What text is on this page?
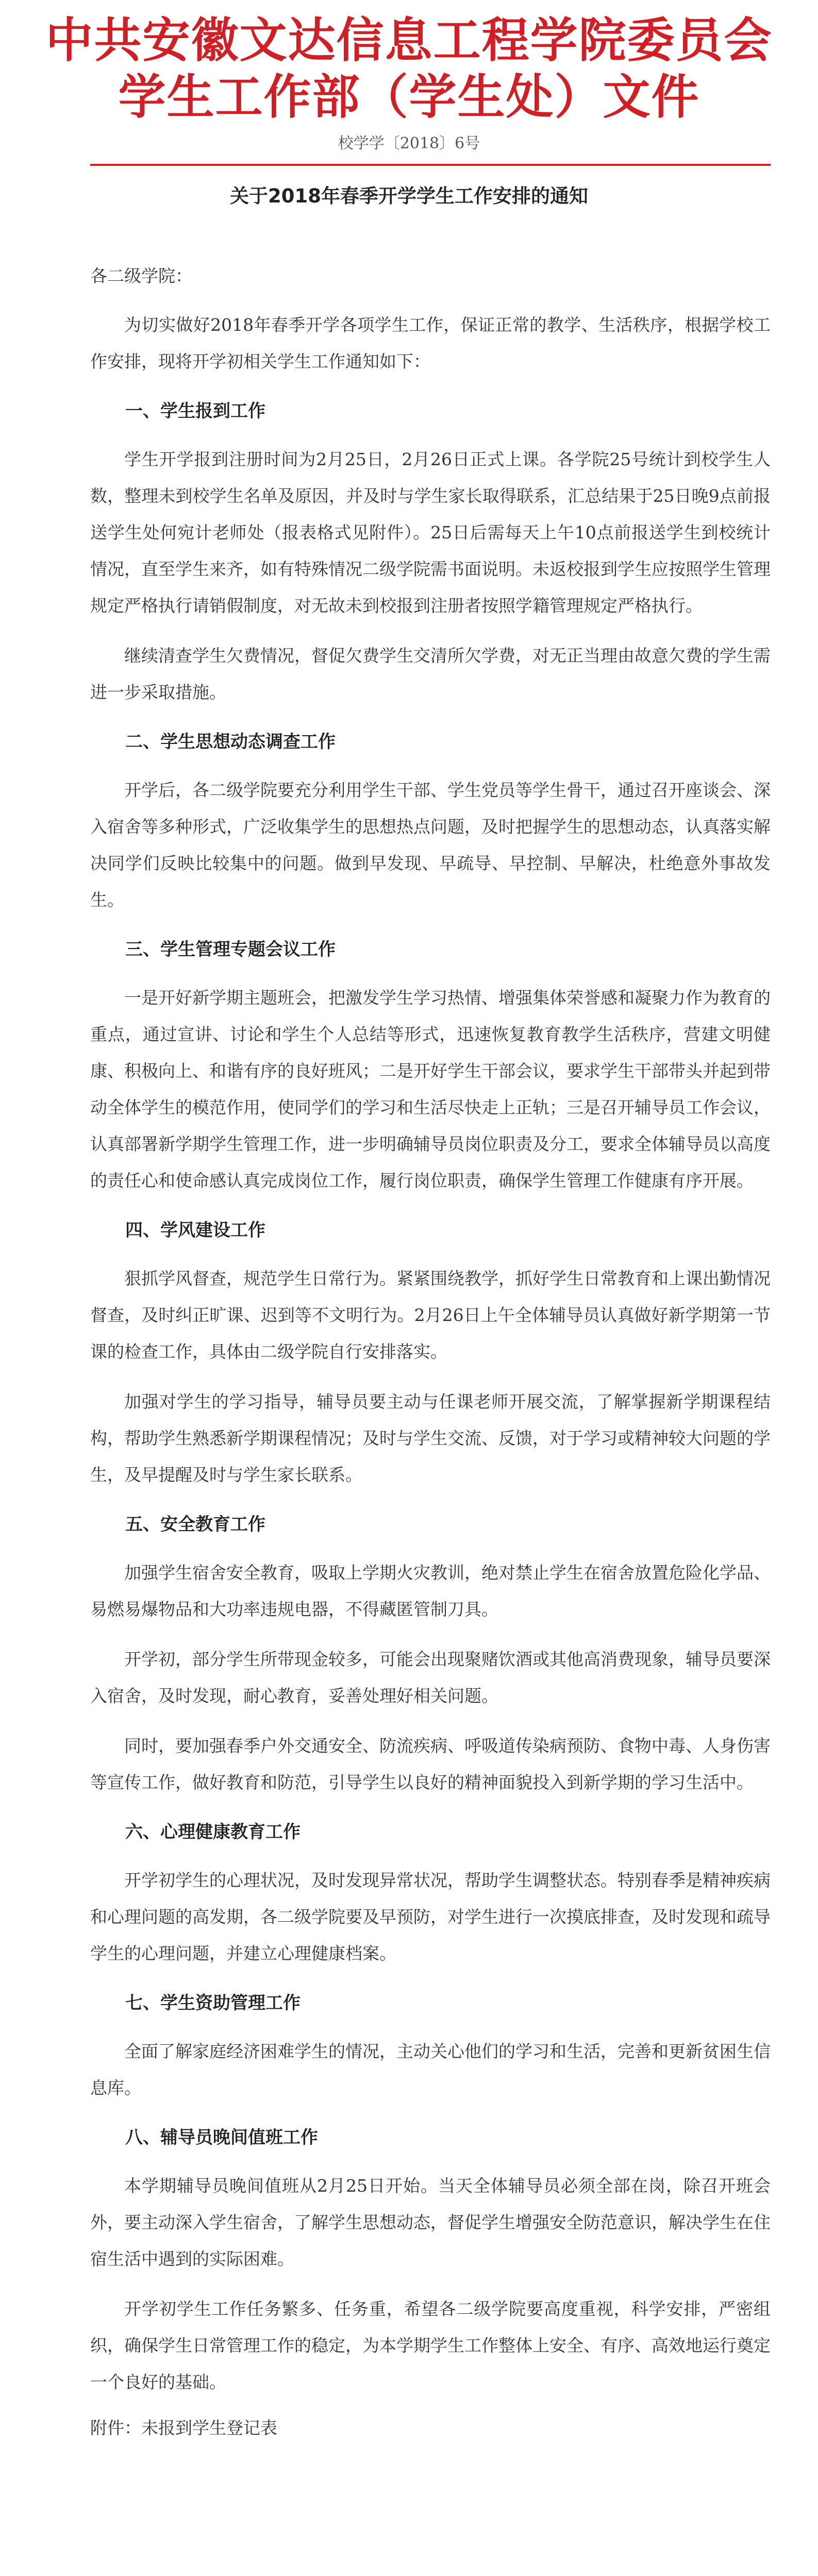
中共安徽文达信息工程学院委员会
学生工作部（学生处）文件
校学学〔2018〕6号
关于2018年春季开学学生工作安排的通知

各二级学院：

为切实做好2018年春季开学各项学生工作，保证正常的教学、生活秩序，根据学校工作安排，现将开学初相关学生工作通知如下：

一、学生报到工作

学生开学报到注册时间为2月25日，2月26日正式上课。各学院25号统计到校学生人数，整理未到校学生名单及原因，并及时与学生家长取得联系，汇总结果于25日晚9点前报送学生处何宛计老师处（报表格式见附件）。25日后需每天上午10点前报送学生到校统计情况，直至学生来齐，如有特殊情况二级学院需书面说明。未返校报到学生应按照学生管理规定严格执行请销假制度，对无故未到校报到注册者按照学籍管理规定严格执行。

继续清查学生欠费情况，督促欠费学生交清所欠学费，对无正当理由故意欠费的学生需进一步采取措施。

二、学生思想动态调查工作

开学后，各二级学院要充分利用学生干部、学生党员等学生骨干，通过召开座谈会、深入宿舍等多种形式，广泛收集学生的思想热点问题，及时把握学生的思想动态，认真落实解决同学们反映比较集中的问题。做到早发现、早疏导、早控制、早解决，杜绝意外事故发生。

三、学生管理专题会议工作

一是开好新学期主题班会，把激发学生学习热情、增强集体荣誉感和凝聚力作为教育的重点，通过宣讲、讨论和学生个人总结等形式，迅速恢复教育教学生活秩序，营建文明健康、积极向上、和谐有序的良好班风；二是开好学生干部会议，要求学生干部带头并起到带动全体学生的模范作用，使同学们的学习和生活尽快走上正轨；三是召开辅导员工作会议，认真部署新学期学生管理工作，进一步明确辅导员岗位职责及分工，要求全体辅导员以高度的责任心和使命感认真完成岗位工作，履行岗位职责，确保学生管理工作健康有序开展。

四、学风建设工作

狠抓学风督查，规范学生日常行为。紧紧围绕教学，抓好学生日常教育和上课出勤情况督查，及时纠正旷课、迟到等不文明行为。2月26日上午全体辅导员认真做好新学期第一节课的检查工作，具体由二级学院自行安排落实。

加强对学生的学习指导，辅导员要主动与任课老师开展交流，了解掌握新学期课程结构，帮助学生熟悉新学期课程情况；及时与学生交流、反馈，对于学习或精神较大问题的学生，及早提醒及时与学生家长联系。

五、安全教育工作

加强学生宿舍安全教育，吸取上学期火灾教训，绝对禁止学生在宿舍放置危险化学品、易燃易爆物品和大功率违规电器，不得藏匿管制刀具。

开学初，部分学生所带现金较多，可能会出现聚赌饮酒或其他高消费现象，辅导员要深入宿舍，及时发现，耐心教育，妥善处理好相关问题。

同时，要加强春季户外交通安全、防流疾病、呼吸道传染病预防、食物中毒、人身伤害等宣传工作，做好教育和防范，引导学生以良好的精神面貌投入到新学期的学习生活中。

六、心理健康教育工作

开学初学生的心理状况，及时发现异常状况，帮助学生调整状态。特别春季是精神疾病和心理问题的高发期，各二级学院要及早预防，对学生进行一次摸底排查，及时发现和疏导学生的心理问题，并建立心理健康档案。

七、学生资助管理工作

全面了解家庭经济困难学生的情况，主动关心他们的学习和生活，完善和更新贫困生信息库。

八、辅导员晚间值班工作

本学期辅导员晚间值班从2月25日开始。当天全体辅导员必须全部在岗，除召开班会外，要主动深入学生宿舍，了解学生思想动态，督促学生增强安全防范意识，解决学生在住宿生活中遇到的实际困难。

开学初学生工作任务繁多、任务重，希望各二级学院要高度重视，科学安排，严密组织，确保学生日常管理工作的稳定，为本学期学生工作整体上安全、有序、高效地运行奠定一个良好的基础。

附件：未报到学生登记表
